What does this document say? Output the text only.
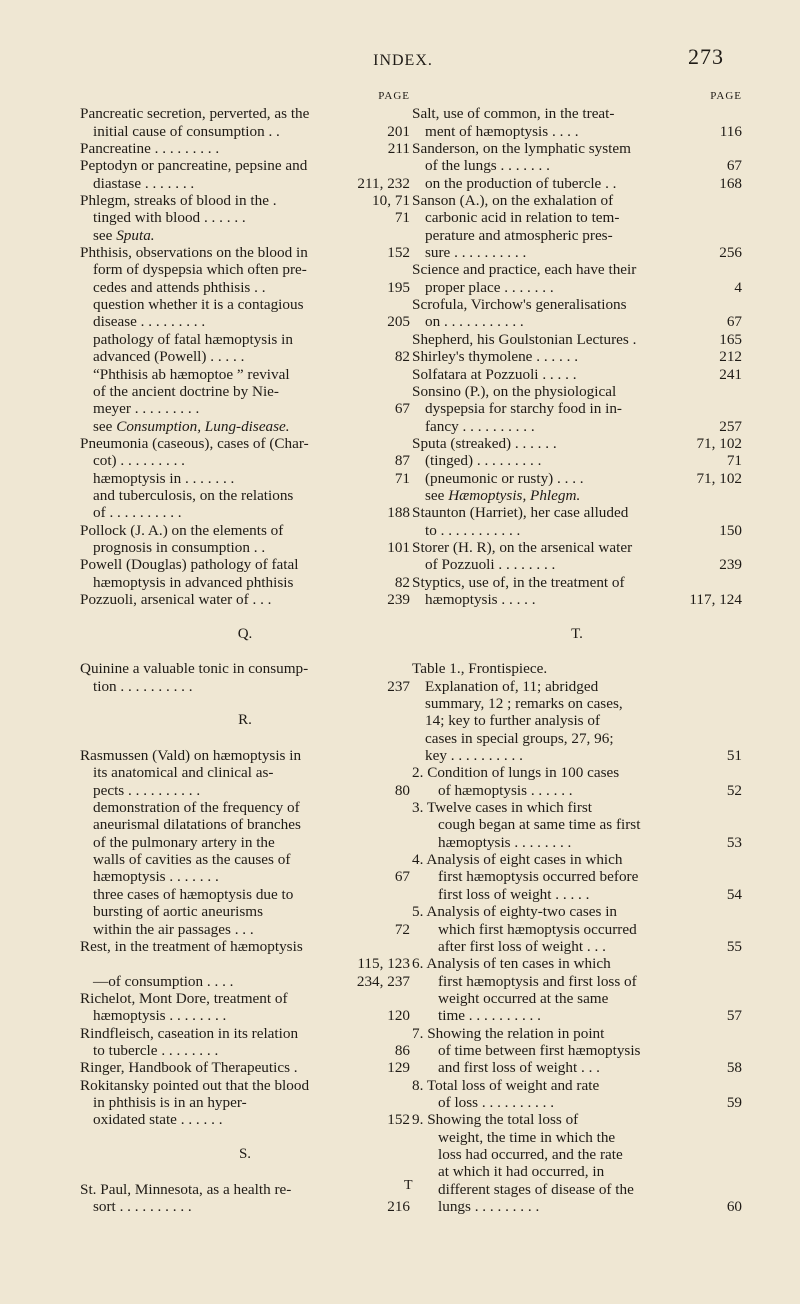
INDEX.	273
PAGE
Pancreatic secretion, perverted, as the
initial cause of consumption . .	201
Pancreatine . . . . . . . . .	211
Peptodyn or pancreatine, pepsine and
diastase . . . . . . .	211, 232
Phlegm, streaks of blood in the .	10, 71
tinged with blood . . . . . .	71
see Sputa.
Phthisis, observations on the blood in	152
form of dyspepsia which often pre-
cedes and attends phthisis . .	195
question whether it is a contagious
disease . . . . . . . . .	205
pathology of fatal hæmoptysis in
advanced (Powell) . . . . .	82
“Phthisis ab hæmoptoe ” revival
of the ancient doctrine by Nie-
meyer . . . . . . . . .	67
see Consumption, Lung-disease.
Pneumonia (caseous), cases of (Char-
cot) . . . . . . . . .	87
hæmoptysis in . . . . . . .	71
and tuberculosis, on the relations
of . . . . . . . . . .	188
Pollock (J. A.) on the elements of
prognosis in consumption . .	101
Powell (Douglas) pathology of fatal
hæmoptysis in advanced phthisis	82
Pozzuoli, arsenical water of . . .	239
Q.
Quinine a valuable tonic in consump-
tion . . . . . . . . . .	237
R.
Rasmussen (Vald) on hæmoptysis in
its anatomical and clinical as-
pects . . . . . . . . . .	80
demonstration of the frequency of
aneurismal dilatations of branches
of the pulmonary artery in the
walls of cavities as the causes of
hæmoptysis . . . . . . .	67
three cases of hæmoptysis due to
bursting of aortic aneurisms
within the air passages . . .	72
Rest, in the treatment of hæmoptysis
115, 123
—of consumption . . . .	234, 237
Richelot, Mont Dore, treatment of
hæmoptysis . . . . . . . .	120
Rindfleisch, caseation in its relation
to tubercle . . . . . . . .	86
Ringer, Handbook of Therapeutics .	129
Rokitansky pointed out that the blood
in phthisis is in an hyper-
oxidated state . . . . . .	152
S.
St. Paul, Minnesota, as a health re-
sort . . . . . . . . . .	216
PAGE
Salt, use of common, in the treat-
ment of hæmoptysis . . . .	116
Sanderson, on the lymphatic system
of the lungs . . . . . . .	67
on the production of tubercle . .	168
Sanson (A.), on the exhalation of
carbonic acid in relation to tem-
perature and atmospheric pres-
sure . . . . . . . . . .	256
Science and practice, each have their
proper place . . . . . . .	4
Scrofula, Virchow's generalisations
on . . . . . . . . . . .	67
Shepherd, his Goulstonian Lectures .	165
Shirley's thymolene . . . . . .	212
Solfatara at Pozzuoli . . . . .	241
Sonsino (P.), on the physiological
dyspepsia for starchy food in in-
fancy . . . . . . . . . .	257
Sputa (streaked) . . . . . .	71, 102
(tinged) . . . . . . . . .	71
(pneumonic or rusty) . . . .	71, 102
see Hæmoptysis, Phlegm.
Staunton (Harriet), her case alluded
to . . . . . . . . . . .	150
Storer (H. R), on the arsenical water
of Pozzuoli . . . . . . . .	239
Styptics, use of, in the treatment of
hæmoptysis . . . . .	117, 124
T.
Table 1., Frontispiece.
Explanation of, 11; abridged
summary, 12 ; remarks on cases,
14; key to further analysis of
cases in special groups, 27, 96;
key . . . . . . . . . .	51
2. Condition of lungs in 100 cases
of hæmoptysis . . . . . .	52
3. Twelve cases in which first
cough began at same time as first
hæmoptysis . . . . . . . .	53
4. Analysis of eight cases in which
first hæmoptysis occurred before
first loss of weight . . . . .	54
5. Analysis of eighty-two cases in
which first hæmoptysis occurred
after first loss of weight . . .	55
6. Analysis of ten cases in which
first hæmoptysis and first loss of
weight occurred at the same
time . . . . . . . . . .	57
7. Showing the relation in point
of time between first hæmoptysis
and first loss of weight . . .	58
8. Total loss of weight and rate
of loss . . . . . . . . . .	59
9. Showing the total loss of
weight, the time in which the
loss had occurred, and the rate
at which it had occurred, in
different stages of disease of the
lungs . . . . . . . . .	60
T
